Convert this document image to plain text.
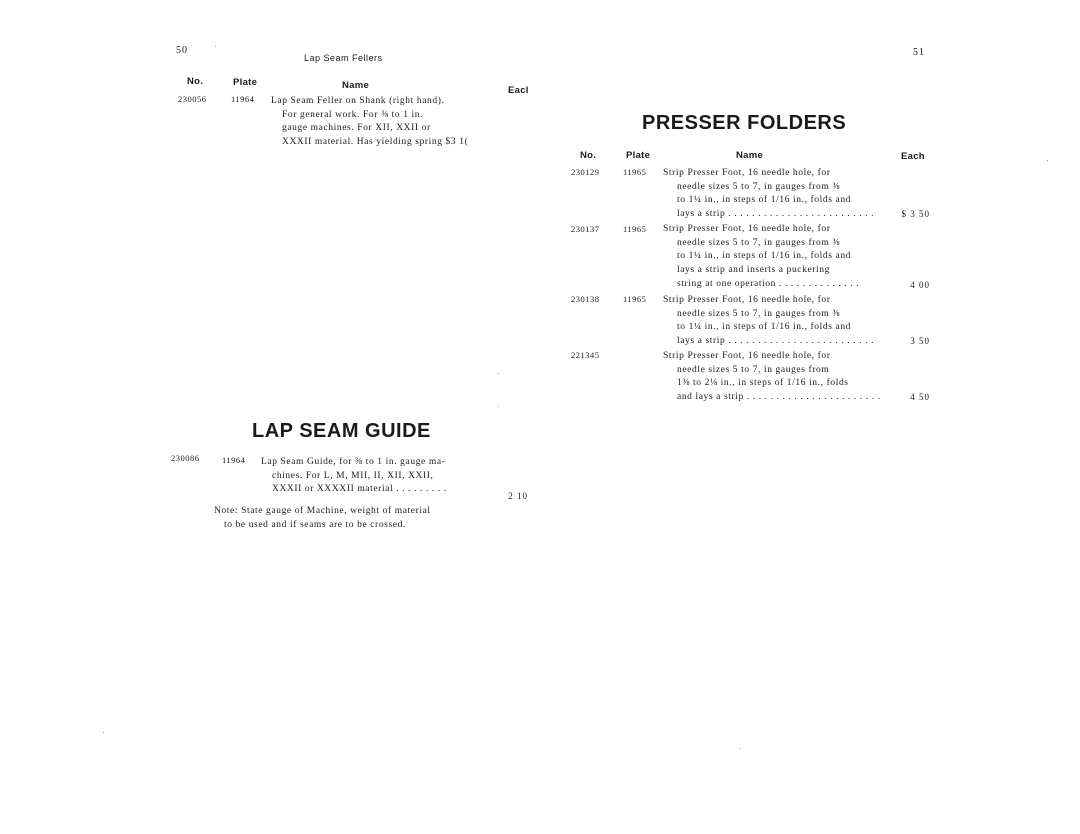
50
Lap Seam Fellers
No.	Plate	Name	Eacl
230056	11964 Lap Seam Feller on Shank (right hand).
For general work. For ⅜ to 1 in.
gauge machines. For XII, XXII or
XXXII material. Has yielding spring $3 1(
LAP SEAM GUIDE
230086	11964 Lap Seam Guide, for ⅜ to 1 in. gauge ma-
chines. For L, M, MII, II, XII, XXII,
XXXII or XXXXII material . . . . . . . . .
2 10
Note: State gauge of Machine, weight of material
to be used and if seams are to be crossed.
51
PRESSER FOLDERS
No.	Plate	Name	Each
230129	11965 Strip Presser Foot, 16 needle hole, for
needle sizes 5 to 7, in gauges from ⅜
to 1¼ in., in steps of 1/16 in., folds and
lays a strip . . . . . . . . . . . . . . . . . . . . . . . . .	$ 3 50
230137	11965 Strip Presser Foot, 16 needle hole, for
needle sizes 5 to 7, in gauges from ⅜
to 1¼ in., in steps of 1/16 in., folds and
lays a strip and inserts a puckering
string at one operation . . . . . . . . . . . . . .	4 00
230138	11965 Strip Presser Foot, 16 needle hole, for
needle sizes 5 to 7, in gauges from ⅜
to 1¼ in., in steps of 1/16 in., folds and
lays a strip . . . . . . . . . . . . . . . . . . . . . . . . .	3 50
221345	Strip Presser Foot, 16 needle hole, for
needle sizes 5 to 7, in gauges from
1⅜ to 2⅛ in., in steps of 1/16 in., folds
and lays a strip . . . . . . . . . . . . . . . . . . . . . . .	4 50
